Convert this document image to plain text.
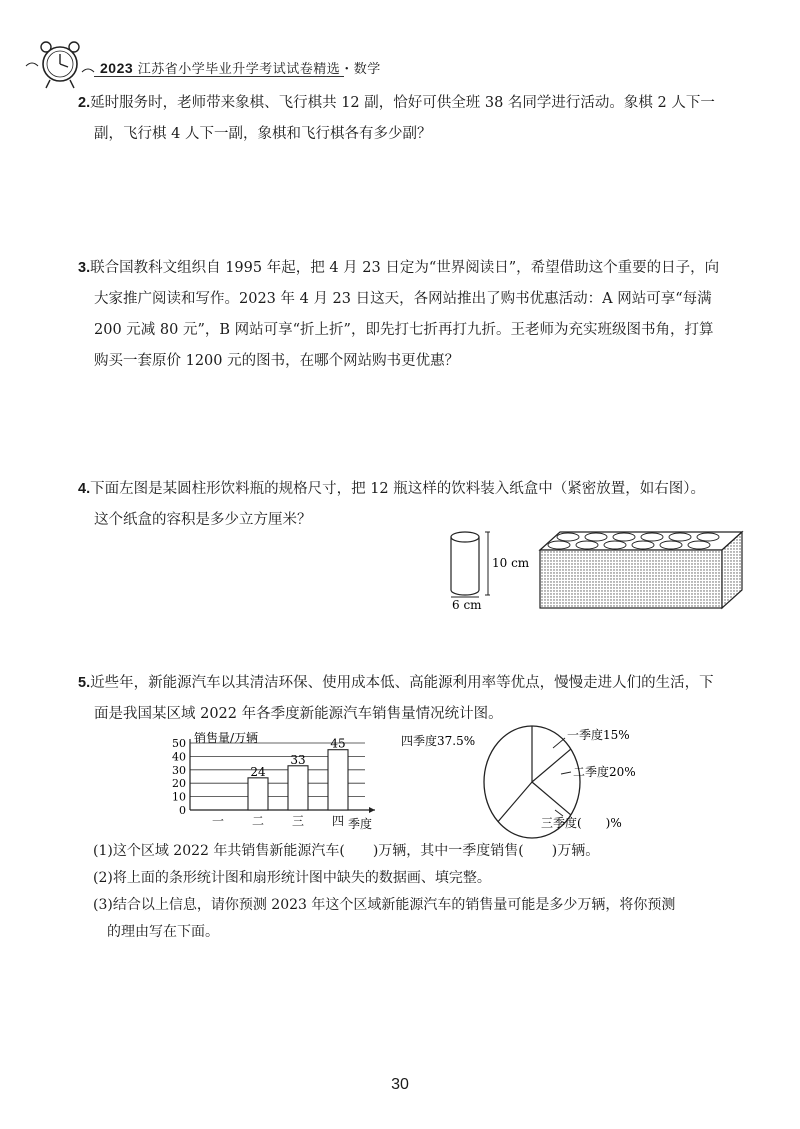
2023 江苏省小学毕业升学考试试卷精选・数学
2.延时服务时，老师带来象棋、飞行棋共 12 副，恰好可供全班 38 名同学进行活动。象棋 2 人下一
副，飞行棋 4 人下一副，象棋和飞行棋各有多少副？
3.联合国教科文组织自 1995 年起，把 4 月 23 日定为“世界阅读日”，希望借助这个重要的日子，向
大家推广阅读和写作。2023 年 4 月 23 日这天，各网站推出了购书优惠活动：A 网站可享“每满
200 元减 80 元”，B 网站可享“折上折”，即先打七折再打九折。王老师为充实班级图书角，打算
购买一套原价 1200 元的图书，在哪个网站购书更优惠？
4.下面左图是某圆柱形饮料瓶的规格尺寸，把 12 瓶这样的饮料装入纸盒中（紧密放置，如右图）。
这个纸盒的容积是多少立方厘米？
10 cm
6 cm
5.近些年，新能源汽车以其清洁环保、使用成本低、高能源利用率等优点，慢慢走进人们的生活，下
面是我国某区域 2022 年各季度新能源汽车销售量情况统计图。
销售量/万辆
0
10
20
30
40
50
一
24
二
33
三
45
四 季度
一季度15%
二季度20%
三季度(　　)%
四季度37.5%
(1)这个区域 2022 年共销售新能源汽车(　　)万辆，其中一季度销售(　　)万辆。
(2)将上面的条形统计图和扇形统计图中缺失的数据画、填完整。
(3)结合以上信息，请你预测 2023 年这个区域新能源汽车的销售量可能是多少万辆，将你预测
　的理由写在下面。
30
